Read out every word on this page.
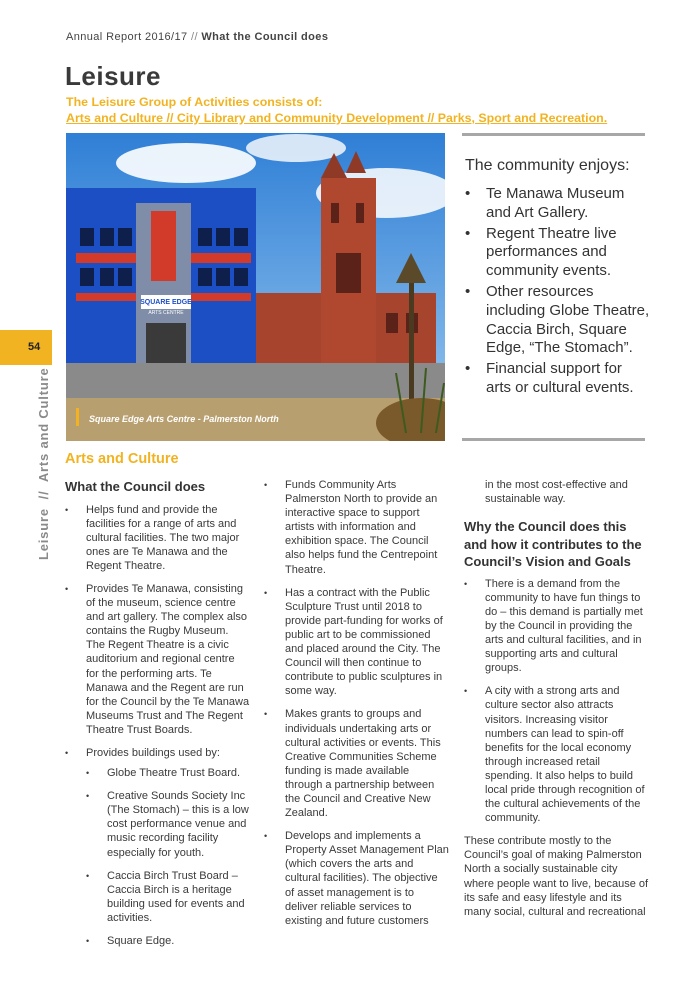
Annual Report 2016/17 // What the Council does
Leisure
The Leisure Group of Activities consists of:
Arts and Culture // City Library and Community Development // Parks, Sport and Recreation.
SQUARE EDGE
ARTS CENTRE
Square Edge Arts Centre - Palmerston North
The community enjoys:
• Te Manawa Museum and Art Gallery.
• Regent Theatre live performances and community events.
• Other resources including Globe Theatre, Caccia Birch, Square Edge, “The Stomach”.
• Financial support for arts or cultural events.
54
Leisure  //  Arts and Culture Arts and Culture
What the Council does
• Helps fund and provide the facilities for a range of arts and cultural facilities. The two major ones are Te Manawa and the Regent Theatre.
• Provides Te Manawa, consisting of the museum, science centre and art gallery. The complex also contains the Rugby Museum. The Regent Theatre is a civic auditorium and regional centre for the performing arts. Te Manawa and the Regent are run for the Council by the Te Manawa Museums Trust and The Regent Theatre Trust Boards.
• Provides buildings used by:
• Globe Theatre Trust Board.
• Creative Sounds Society Inc (The Stomach) – this is a low cost performance venue and music recording facility especially for youth.
• Caccia Birch Trust Board – Caccia Birch is a heritage building used for events and activities.
• Square Edge.
• Funds Community Arts Palmerston North to provide an interactive space to support artists with information and exhibition space. The Council also helps fund the Centrepoint Theatre.
• Has a contract with the Public Sculpture Trust until 2018 to provide part-funding for works of public art to be commissioned and placed around the City. The Council will then continue to contribute to public sculptures in some way.
• Makes grants to groups and individuals undertaking arts or cultural activities or events. This Creative Communities Scheme funding is made available through a partnership between the Council and Creative New Zealand.
• Develops and implements a Property Asset Management Plan (which covers the arts and cultural facilities). The objective of asset management is to deliver reliable services to existing and future customers

in the most cost-effective and sustainable way.

Why the Council does this and how it contributes to the Council’s Vision and Goals
• There is a demand from the community to have fun things to do – this demand is partially met by the Council in providing the arts and cultural facilities, and in supporting arts and cultural groups.
• A city with a strong arts and culture sector also attracts visitors. Increasing visitor numbers can lead to spin-off benefits for the local economy through increased retail spending. It also helps to build local pride through recognition of the cultural achievements of the community.

These contribute mostly to the Council’s goal of making Palmerston North a socially sustainable city where people want to live, because of its safe and easy lifestyle and its many social, cultural and recreational
